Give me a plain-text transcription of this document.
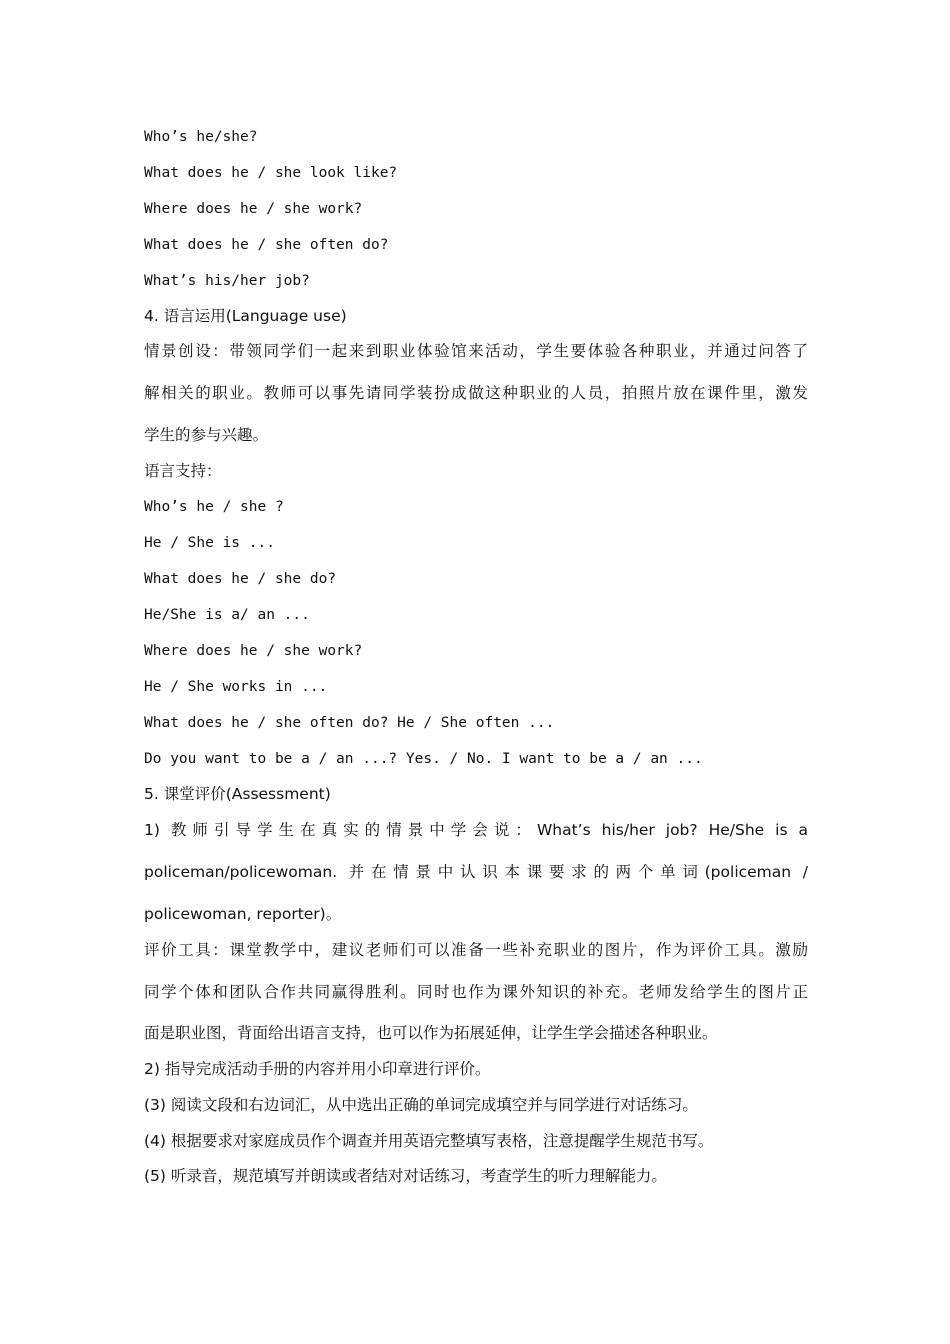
Who’s he/she?
What does he / she look like?
Where does he / she work?
What does he / she often do?
What’s his/her job?
4. 语言运用(Language use)
情景创设：带领同学们一起来到职业体验馆来活动，学生要体验各种职业，并通过问答了
解相关的职业。教师可以事先请同学装扮成做这种职业的人员，拍照片放在课件里，激发
学生的参与兴趣。
语言支持：
Who’s he / she ?
He / She is ...
What does he / she do?
He/She is a/ an ...
Where does he / she work?
He / She works in ...
What does he / she often do? He / She often ...
Do you want to be a / an ...? Yes. / No. I want to be a / an ...
5. 课堂评价(Assessment)
1) 教师引导学生在真实的情景中学会说：What’s his/her job? He/She is a
policeman/policewoman. 并在情景中认识本课要求的两个单词(policeman /
policewoman, reporter)。
评价工具：课堂教学中，建议老师们可以准备一些补充职业的图片，作为评价工具。激励
同学个体和团队合作共同赢得胜利。同时也作为课外知识的补充。老师发给学生的图片正
面是职业图，背面给出语言支持，也可以作为拓展延伸，让学生学会描述各种职业。
2) 指导完成活动手册的内容并用小印章进行评价。
(3) 阅读文段和右边词汇，从中选出正确的单词完成填空并与同学进行对话练习。
(4) 根据要求对家庭成员作个调查并用英语完整填写表格，注意提醒学生规范书写。
(5) 听录音，规范填写并朗读或者结对对话练习，考查学生的听力理解能力。
